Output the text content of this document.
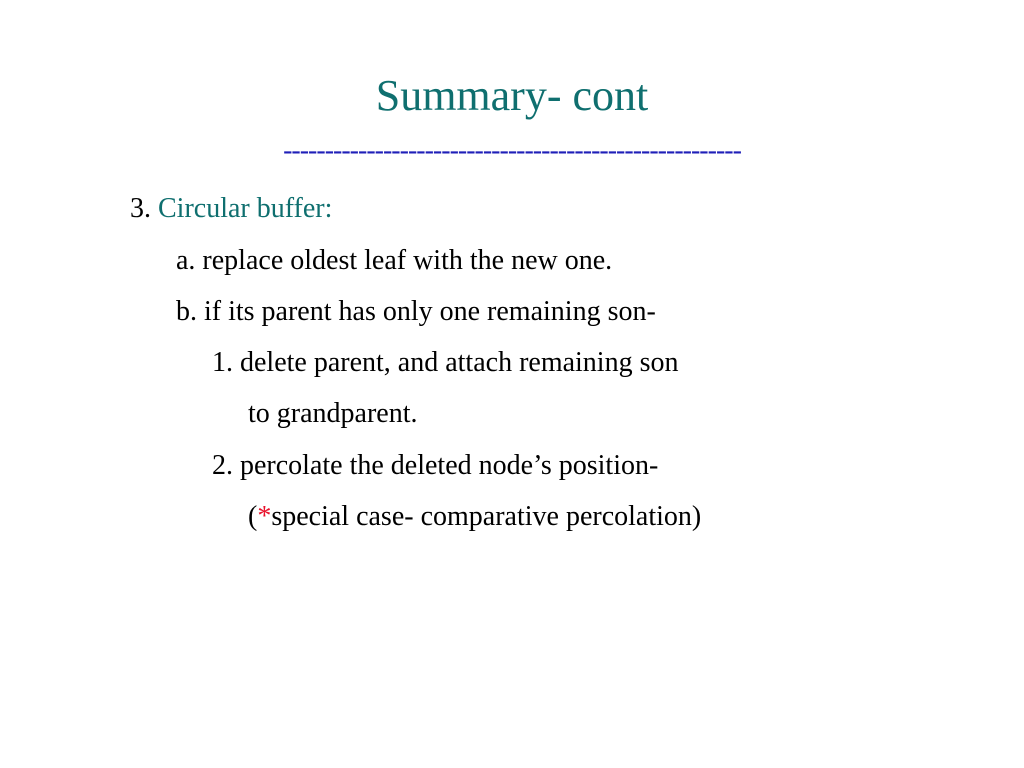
Summary- cont
-------------------------------------------------------
3. Circular buffer:
a. replace oldest leaf with the new one.
b. if its parent has only one remaining son-
1. delete parent, and attach remaining son
to grandparent.
2. percolate the deleted node’s position-
(*special case- comparative percolation)
